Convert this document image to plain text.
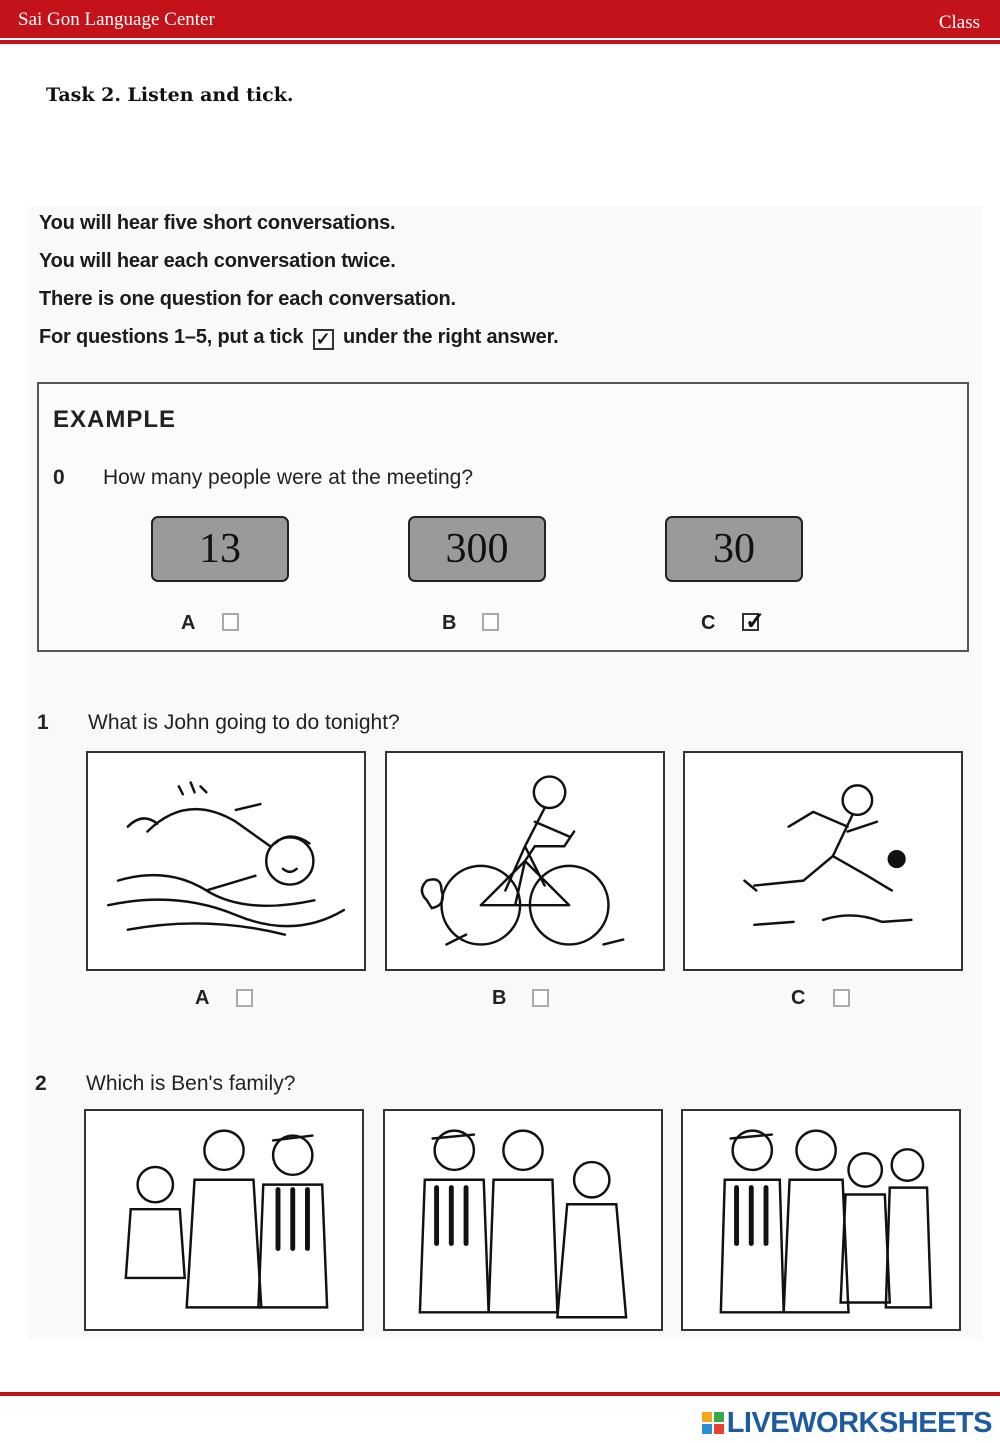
Sai Gon Language Center	Class
Task 2. Listen and tick.
You will hear five short conversations.
You will hear each conversation twice.
There is one question for each conversation.
For questions 1–5, put a tick ✓ under the right answer.
EXAMPLE
0 How many people were at the meeting?
13	300	30
A	B	C ✓
1 What is John going to do tonight?
A	B	C
2 Which is Ben's family?
LIVEWORKSHEETS
